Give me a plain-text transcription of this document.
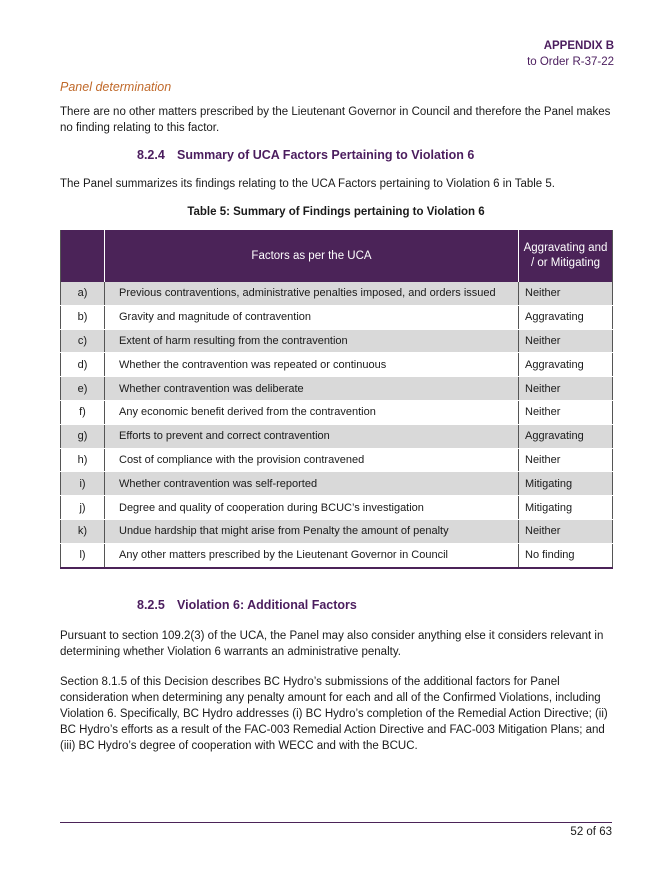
APPENDIX B
to Order R-37-22
Panel determination
There are no other matters prescribed by the Lieutenant Governor in Council and therefore the Panel makes no finding relating to this factor.
8.2.4 Summary of UCA Factors Pertaining to Violation 6
The Panel summarizes its findings relating to the UCA Factors pertaining to Violation 6 in Table 5.
Table 5: Summary of Findings pertaining to Violation 6
	Factors as per the UCA	Aggravating and / or Mitigating
a)	Previous contraventions, administrative penalties imposed, and orders issued	Neither
b)	Gravity and magnitude of contravention	Aggravating
c)	Extent of harm resulting from the contravention	Neither
d)	Whether the contravention was repeated or continuous	Aggravating
e)	Whether contravention was deliberate	Neither
f)	Any economic benefit derived from the contravention	Neither
g)	Efforts to prevent and correct contravention	Aggravating
h)	Cost of compliance with the provision contravened	Neither
i)	Whether contravention was self-reported	Mitigating
j)	Degree and quality of cooperation during BCUC’s investigation	Mitigating
k)	Undue hardship that might arise from Penalty the amount of penalty	Neither
l)	Any other matters prescribed by the Lieutenant Governor in Council	No finding
8.2.5 Violation 6: Additional Factors
Pursuant to section 109.2(3) of the UCA, the Panel may also consider anything else it considers relevant in determining whether Violation 6 warrants an administrative penalty.
Section 8.1.5 of this Decision describes BC Hydro’s submissions of the additional factors for Panel consideration when determining any penalty amount for each and all of the Confirmed Violations, including Violation 6. Specifically, BC Hydro addresses (i) BC Hydro’s completion of the Remedial Action Directive; (ii) BC Hydro’s efforts as a result of the FAC-003 Remedial Action Directive and FAC-003 Mitigation Plans; and (iii) BC Hydro’s degree of cooperation with WECC and with the BCUC.
52 of 63
